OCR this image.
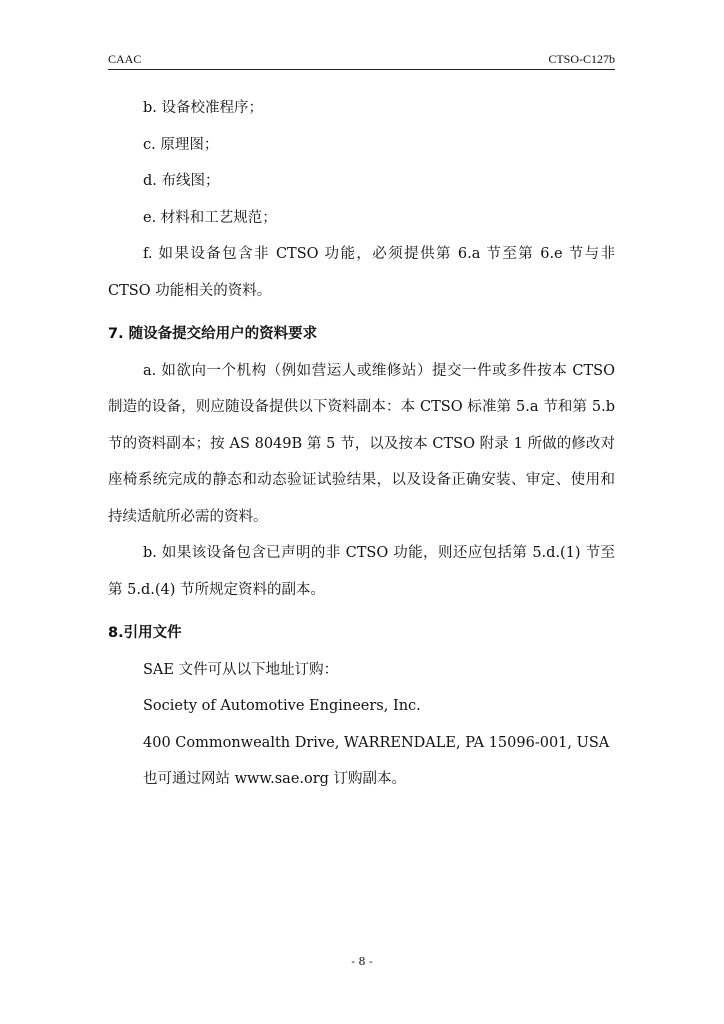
CAAC	CTSO-C127b

b. 设备校准程序；

c. 原理图；

d. 布线图；

e. 材料和工艺规范；

f. 如果设备包含非 CTSO 功能，必须提供第 6.a 节至第 6.e 节与非 CTSO 功能相关的资料。

7. 随设备提交给用户的资料要求

a. 如欲向一个机构（例如营运人或维修站）提交一件或多件按本 CTSO 制造的设备，则应随设备提供以下资料副本：本 CTSO 标准第 5.a 节和第 5.b 节的资料副本；按 AS 8049B 第 5 节，以及按本 CTSO 附录 1 所做的修改对座椅系统完成的静态和动态验证试验结果，以及设备正确安装、审定、使用和持续适航所必需的资料。

b. 如果该设备包含已声明的非 CTSO 功能，则还应包括第 5.d.(1) 节至第 5.d.(4) 节所规定资料的副本。

8.引用文件

SAE 文件可从以下地址订购：

Society of Automotive Engineers, Inc.

400 Commonwealth Drive, WARRENDALE, PA 15096-001, USA

也可通过网站 www.sae.org 订购副本。

- 8 -
